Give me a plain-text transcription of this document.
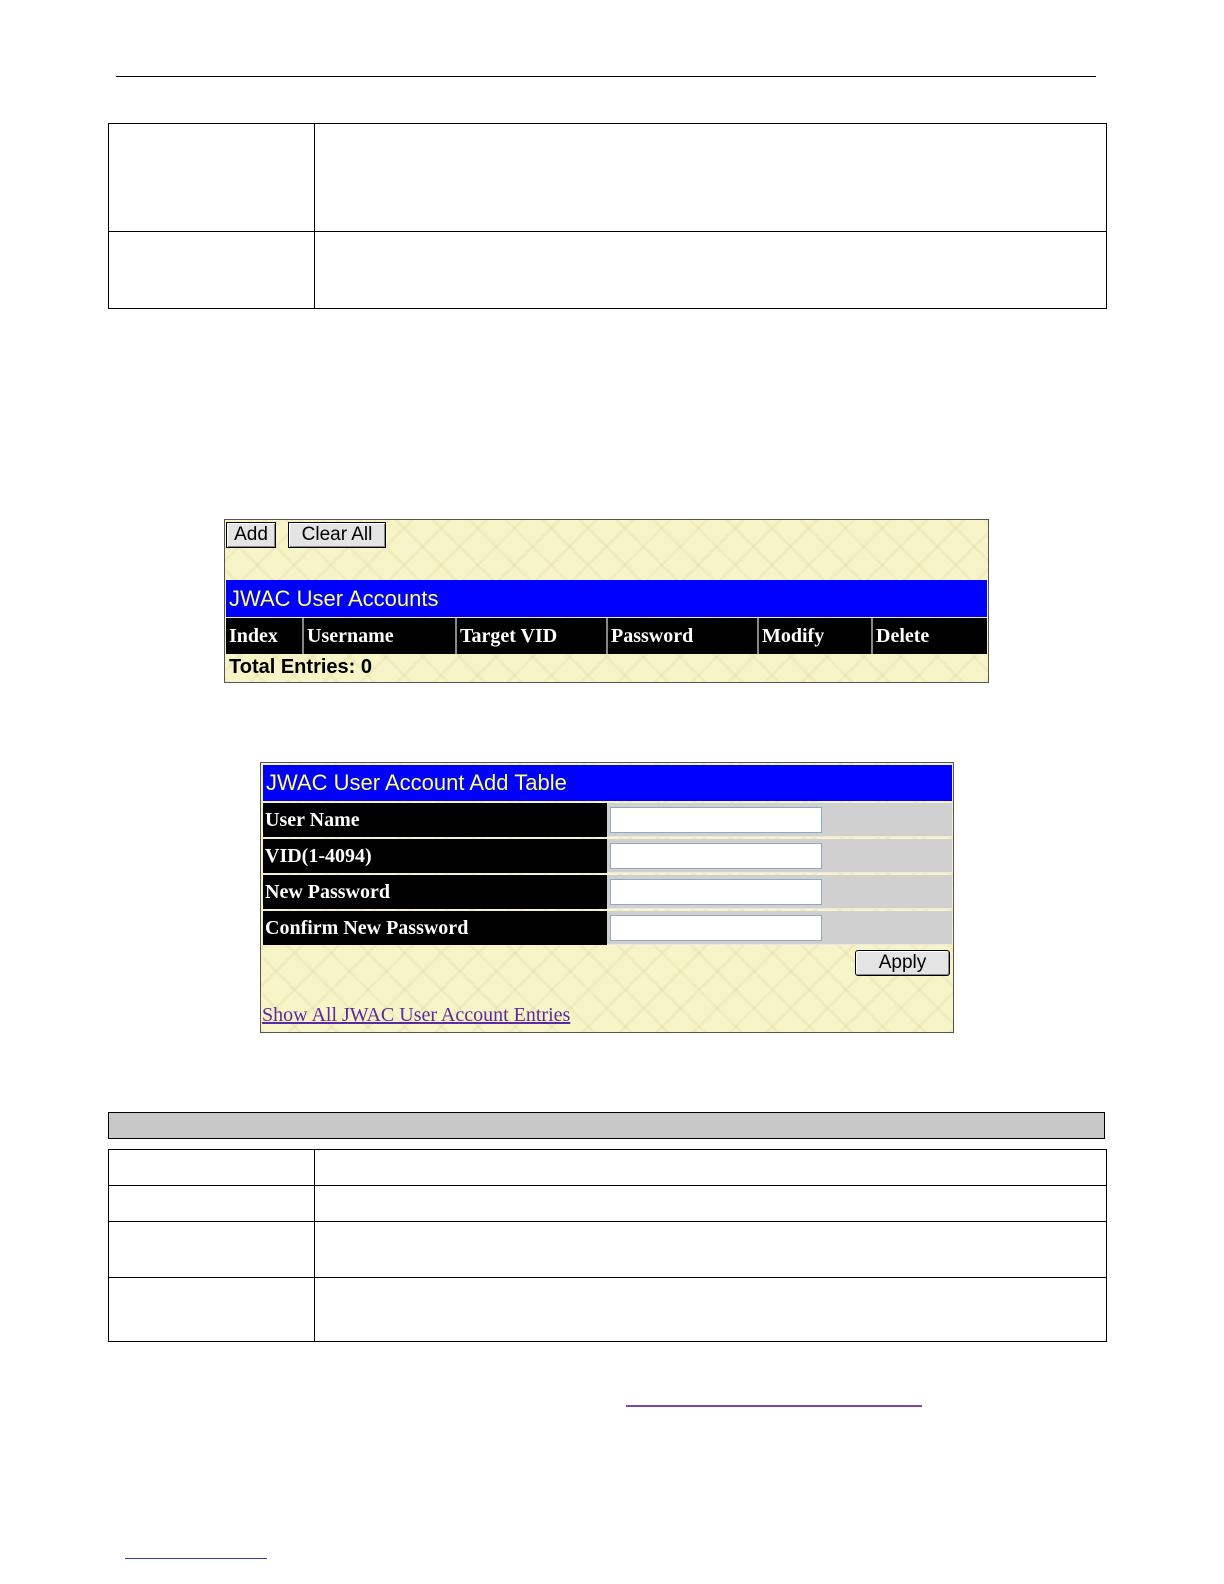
Add	Clear All
JWAC User Accounts
Index	Username	Target VID	Password	Modify	Delete
Total Entries: 0
JWAC User Account Add Table
User Name
VID(1-4094)
New Password
Confirm New Password
Apply
Show All JWAC User Account Entries
